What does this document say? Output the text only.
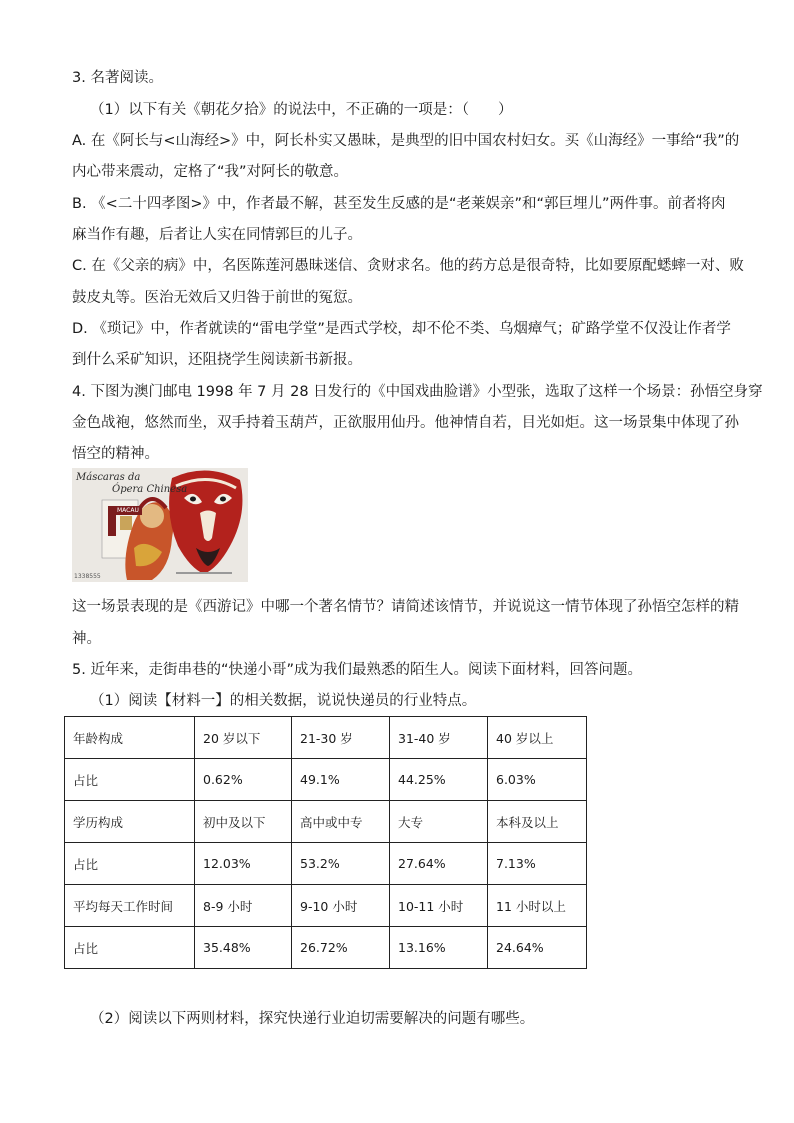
3. 名著阅读。
（1）以下有关《朝花夕拾》的说法中，不正确的一项是：（　　）
A. 在《阿长与<山海经>》中，阿长朴实又愚昧，是典型的旧中国农村妇女。买《山海经》一事给“我”的
内心带来震动，定格了“我”对阿长的敬意。
B. 《<二十四孝图>》中，作者最不解，甚至发生反感的是“老莱娱亲”和“郭巨埋儿”两件事。前者将肉
麻当作有趣，后者让人实在同情郭巨的儿子。
C. 在《父亲的病》中，名医陈莲河愚昧迷信、贪财求名。他的药方总是很奇特，比如要原配蟋蟀一对、败
鼓皮丸等。医治无效后又归咎于前世的冤愆。
D. 《琐记》中，作者就读的“雷电学堂”是西式学校，却不伦不类、乌烟瘴气；矿路学堂不仅没让作者学
到什么采矿知识，还阻挠学生阅读新书新报。
4. 下图为澳门邮电 1998 年 7 月 28 日发行的《中国戏曲脸谱》小型张，选取了这样一个场景：孙悟空身穿
金色战袍，悠然而坐，双手持着玉葫芦，正欲服用仙丹。他神情自若，目光如炬。这一场景集中体现了孙
悟空的精神。
Máscaras da
Ópera Chinesa
MACAU
1338555
这一场景表现的是《西游记》中哪一个著名情节？请简述该情节，并说说这一情节体现了孙悟空怎样的精
神。
5. 近年来，走街串巷的“快递小哥”成为我们最熟悉的陌生人。阅读下面材料，回答问题。
（1）阅读【材料一】的相关数据，说说快递员的行业特点。
年龄构成	20 岁以下	21-30 岁	31-40 岁	40 岁以上
占比	0.62%	49.1%	44.25%	6.03%
学历构成	初中及以下	高中或中专	大专	本科及以上
占比	12.03%	53.2%	27.64%	7.13%
平均每天工作时间	8-9 小时	9-10 小时	10-11 小时	11 小时以上
占比	35.48%	26.72%	13.16%	24.64%
（2）阅读以下两则材料，探究快递行业迫切需要解决的问题有哪些。
